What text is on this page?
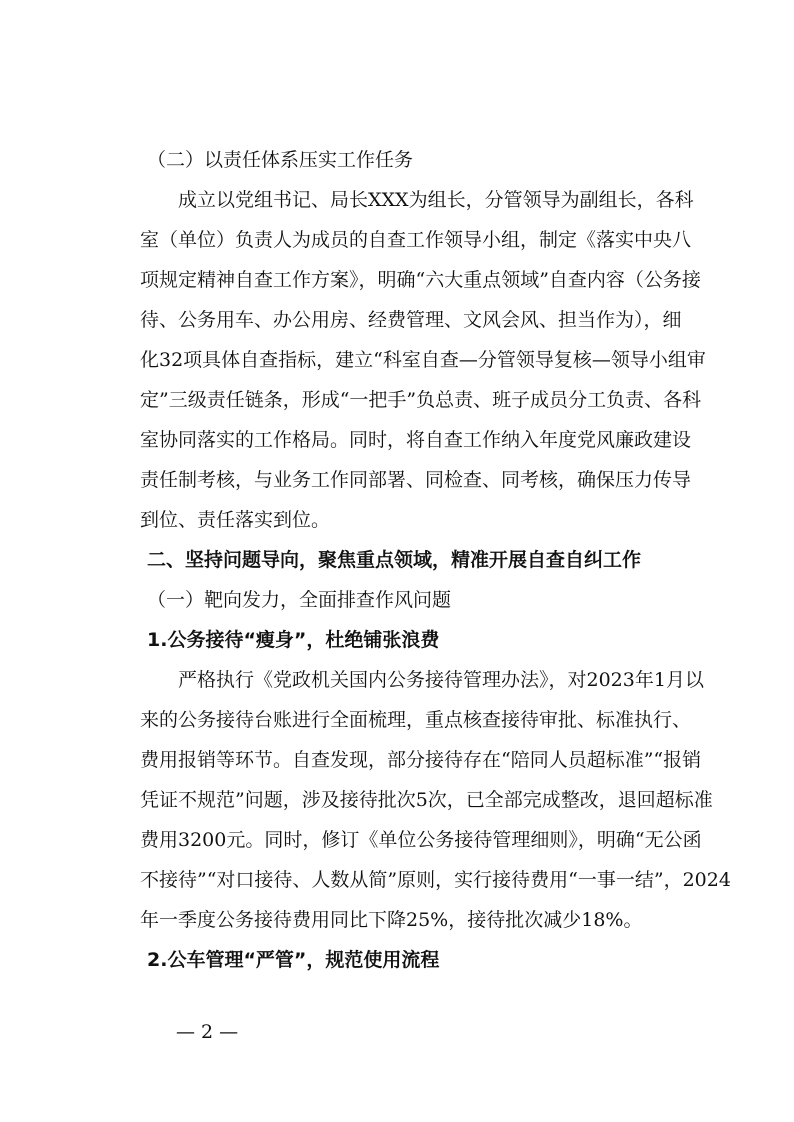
（二）以责任体系压实工作任务
成立以党组书记、局长XXX为组长，分管领导为副组长，各科
室（单位）负责人为成员的自查工作领导小组，制定《落实中央八
项规定精神自查工作方案》，明确“六大重点领域”自查内容（公务接
待、公务用车、办公用房、经费管理、文风会风、担当作为），细
化32项具体自查指标，建立“科室自查—分管领导复核—领导小组审
定”三级责任链条，形成“一把手”负总责、班子成员分工负责、各科
室协同落实的工作格局。同时，将自查工作纳入年度党风廉政建设
责任制考核，与业务工作同部署、同检查、同考核，确保压力传导
到位、责任落实到位。
二、坚持问题导向，聚焦重点领域，精准开展自查自纠工作
（一）靶向发力，全面排查作风问题
1.公务接待“瘦身”，杜绝铺张浪费
严格执行《党政机关国内公务接待管理办法》，对2023年1月以
来的公务接待台账进行全面梳理，重点核查接待审批、标准执行、
费用报销等环节。自查发现，部分接待存在“陪同人员超标准”“报销
凭证不规范”问题，涉及接待批次5次，已全部完成整改，退回超标准
费用3200元。同时，修订《单位公务接待管理细则》，明确“无公函
不接待”“对口接待、人数从简”原则，实行接待费用“一事一结”，2024
年一季度公务接待费用同比下降25%，接待批次减少18%。
2.公车管理“严管”，规范使用流程
— 2 —
